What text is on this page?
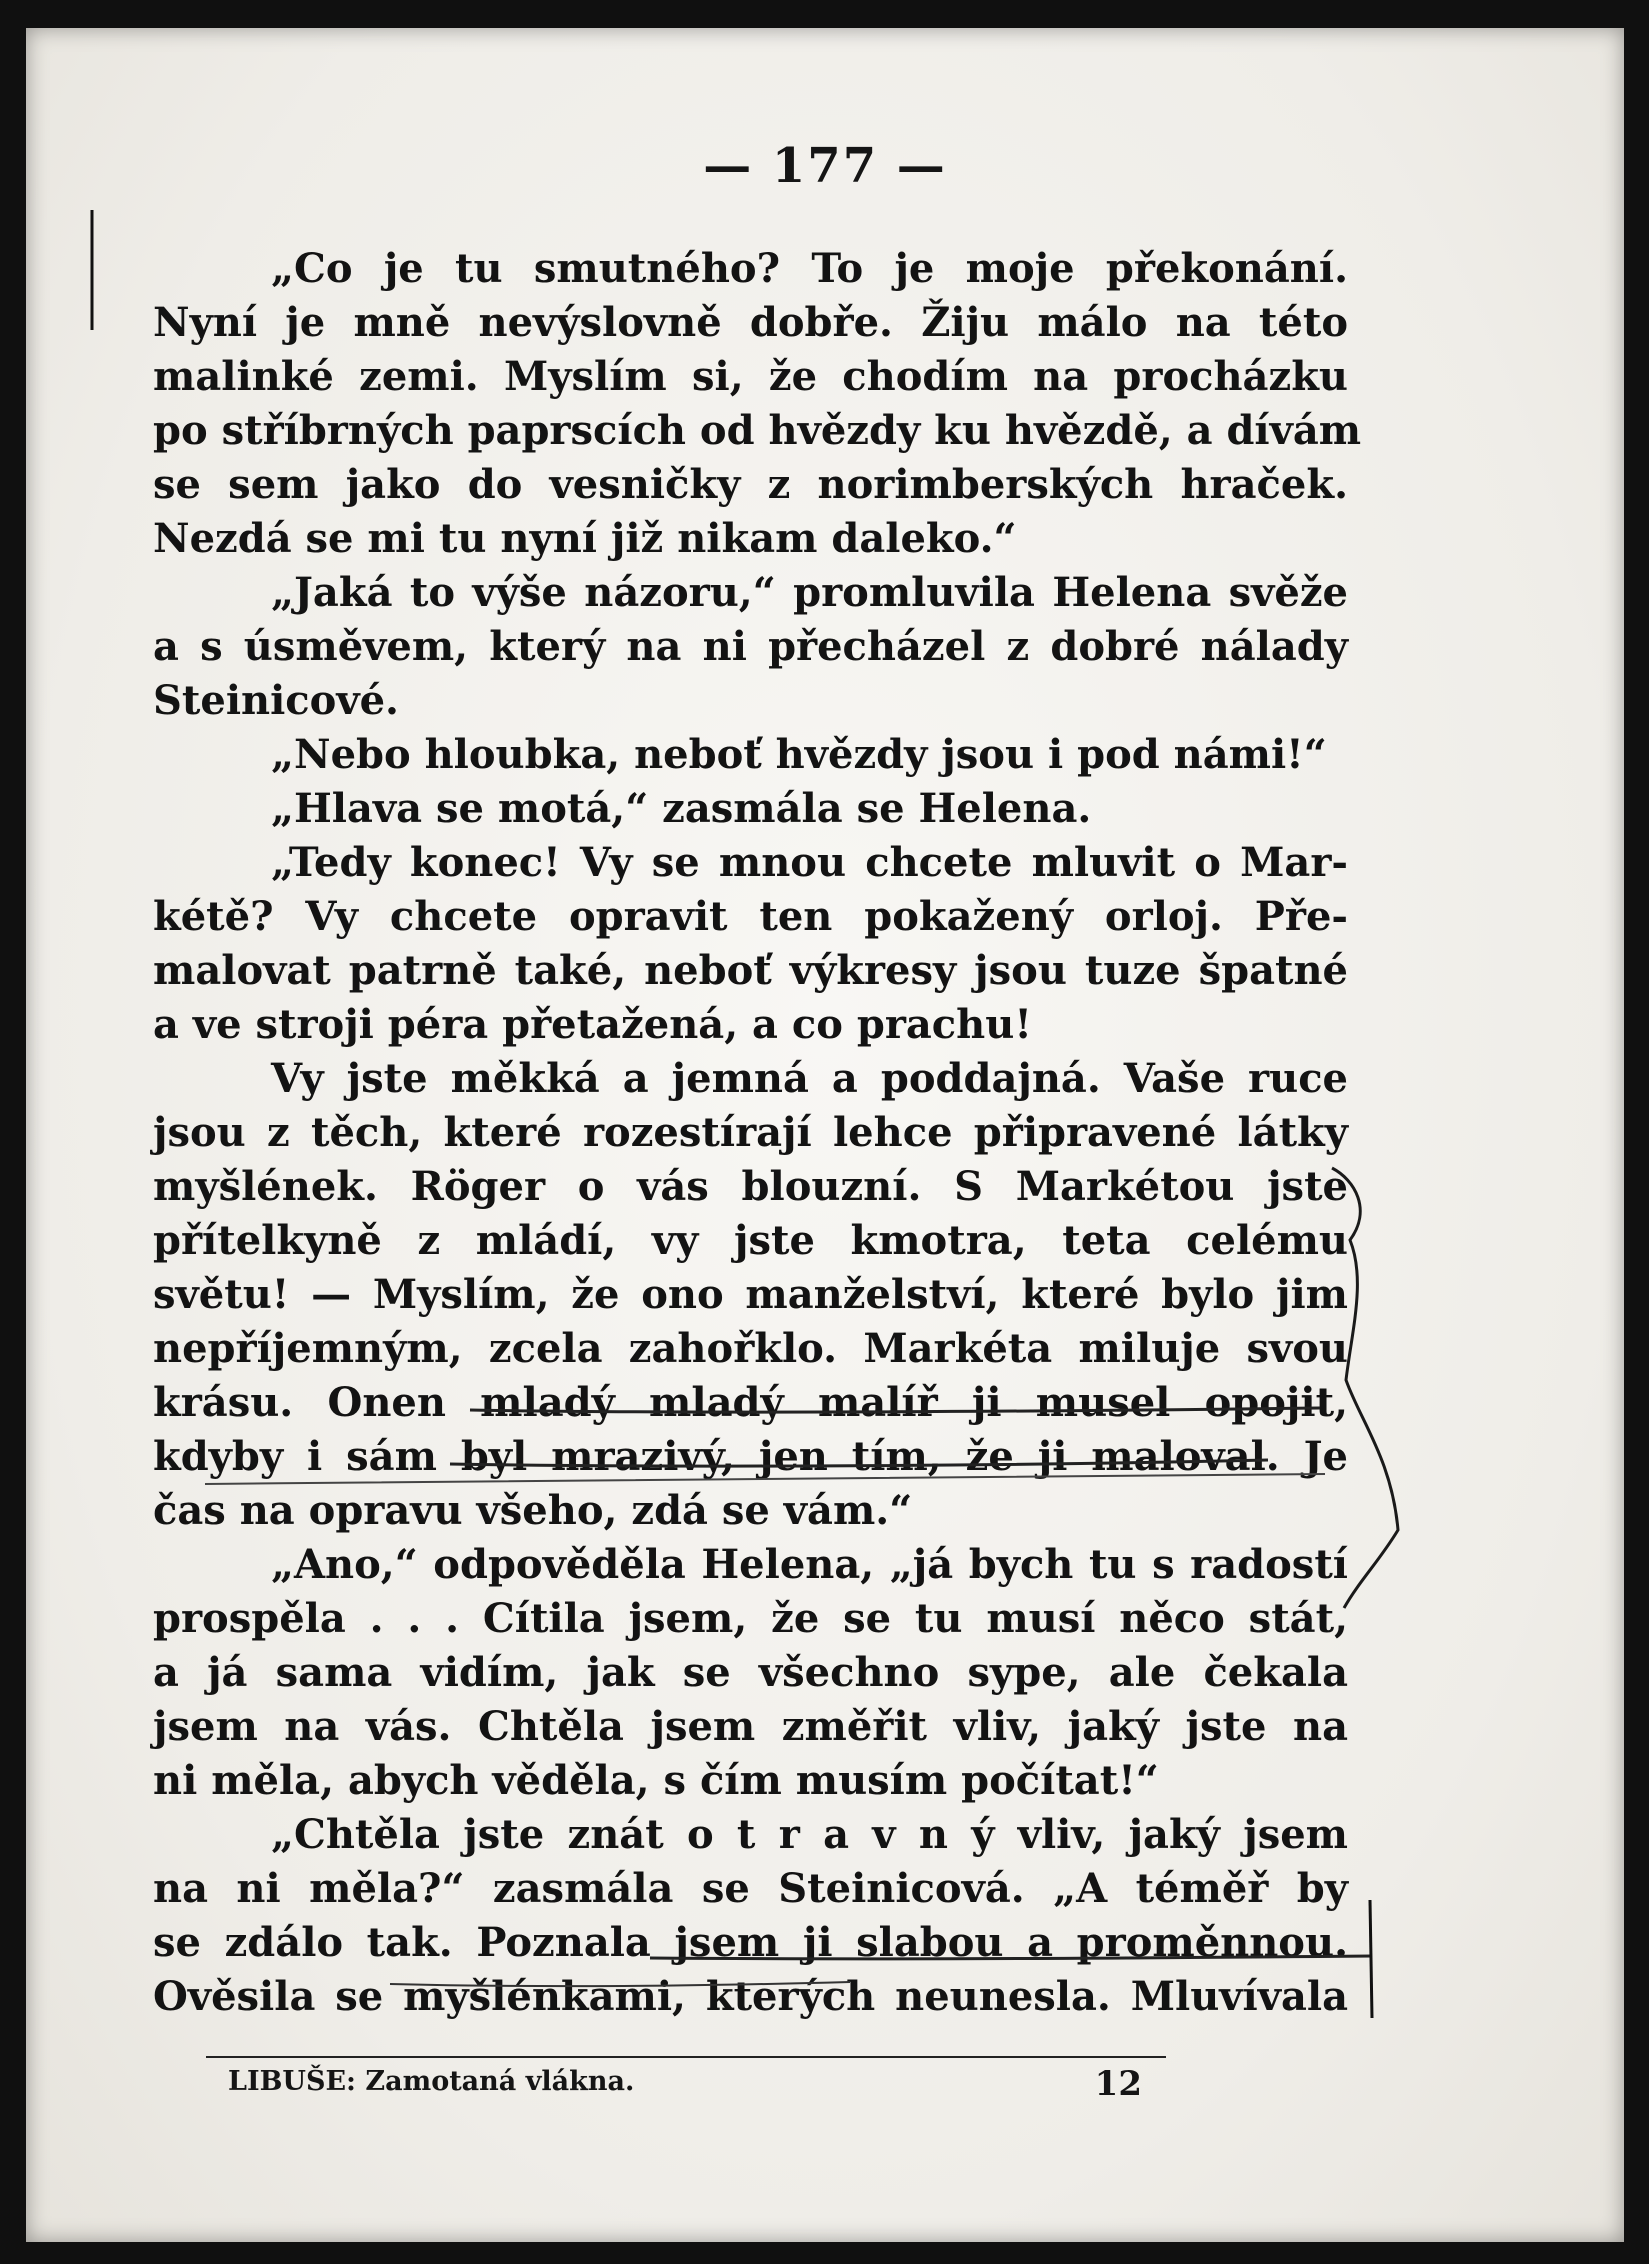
— 177 —
„Co je tu smutného? To je moje překonání.
Nyní je mně nevýslovně dobře. Žiju málo na této
malinké zemi. Myslím si, že chodím na procházku
po stříbrných paprscích od hvězdy ku hvězdě, a dívám
se sem jako do vesničky z norimberských hraček.
Nezdá se mi tu nyní již nikam daleko.“
„Jaká to výše názoru,“ promluvila Helena svěže
a s úsměvem, který na ni přecházel z dobré nálady
Steinicové.
„Nebo hloubka, neboť hvězdy jsou i pod námi!“
„Hlava se motá,“ zasmála se Helena.
„Tedy konec! Vy se mnou chcete mluvit o Mar-
kétě? Vy chcete opravit ten pokažený orloj. Pře-
malovat patrně také, neboť výkresy jsou tuze špatné
a ve stroji péra přetažená, a co prachu!
Vy jste měkká a jemná a poddajná. Vaše ruce
jsou z těch, které rozestírají lehce připravené látky
myšlének. Röger o vás blouzní. S Markétou jste
přítelkyně z mládí, vy jste kmotra, teta celému
světu! — Myslím, že ono manželství, které bylo jim
nepříjemným, zcela zahořklo. Markéta miluje svou
krásu. Onen mladý mladý malíř ji musel opojit,
kdyby i sám byl mrazivý, jen tím, že ji maloval. Je
čas na opravu všeho, zdá se vám.“
„Ano,“ odpověděla Helena, „já bych tu s radostí
prospěla . . . Cítila jsem, že se tu musí něco stát,
a já sama vidím, jak se všechno sype, ale čekala
jsem na vás. Chtěla jsem změřit vliv, jaký jste na
ni měla, abych věděla, s čím musím počítat!“
„Chtěla jste znát o t r a v n ý vliv, jaký jsem
na ni měla?“ zasmála se Steinicová. „A téměř by
se zdálo tak. Poznala jsem ji slabou a proměnnou.
Ověsila se myšlénkami, kterých neunesla. Mluvívala
LIBUŠE: Zamotaná vlákna.	12
